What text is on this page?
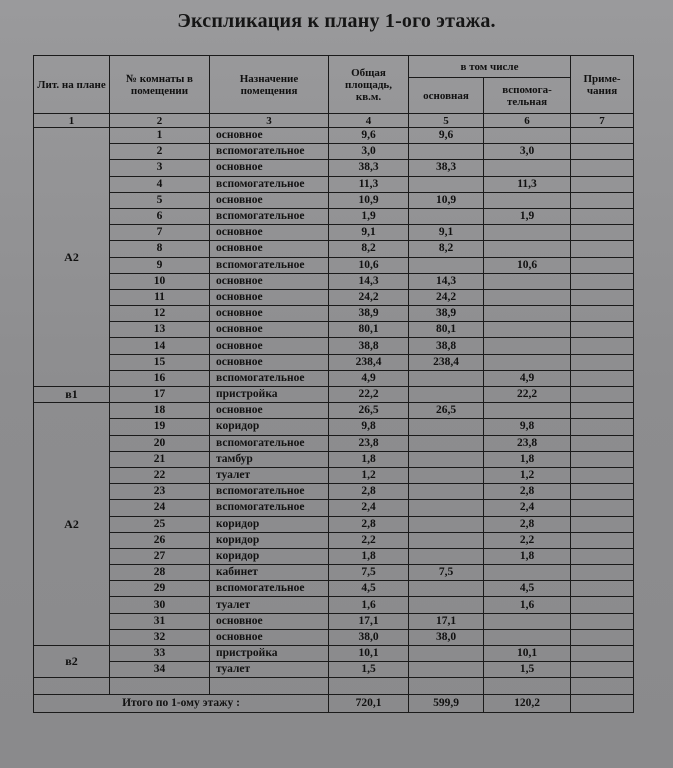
Экспликация к плану 1-ого этажа.
Лит. на плане	№ комнаты в помещении	Назначение помещения	Общая площадь, кв.м.	в том числе		Приме-чания
				основная	вспомога-тельная	
1	2	3	4	5	6	7
А2	1	основное	9,6	9,6		
	2	вспомогательное	3,0		3,0	
	3	основное	38,3	38,3		
	4	вспомогательное	11,3		11,3	
	5	основное	10,9	10,9		
	6	вспомогательное	1,9		1,9	
	7	основное	9,1	9,1		
	8	основное	8,2	8,2		
	9	вспомогательное	10,6		10,6	
	10	основное	14,3	14,3		
	11	основное	24,2	24,2		
	12	основное	38,9	38,9		
	13	основное	80,1	80,1		
	14	основное	38,8	38,8		
	15	основное	238,4	238,4		
	16	вспомогательное	4,9		4,9	
в1	17	пристройка	22,2		22,2	
А2	18	основное	26,5	26,5		
	19	коридор	9,8		9,8	
	20	вспомогательное	23,8		23,8	
	21	тамбур	1,8		1,8	
	22	туалет	1,2		1,2	
	23	вспомогательное	2,8		2,8	
	24	вспомогательное	2,4		2,4	
	25	коридор	2,8		2,8	
	26	коридор	2,2		2,2	
	27	коридор	1,8		1,8	
	28	кабинет	7,5	7,5		
	29	вспомогательное	4,5		4,5	
	30	туалет	1,6		1,6	
	31	основное	17,1	17,1		
	32	основное	38,0	38,0		
в2	33	пристройка	10,1		10,1	
	34	туалет	1,5		1,5	

Итого по 1-ому этажу :			720,1	599,9	120,2	
